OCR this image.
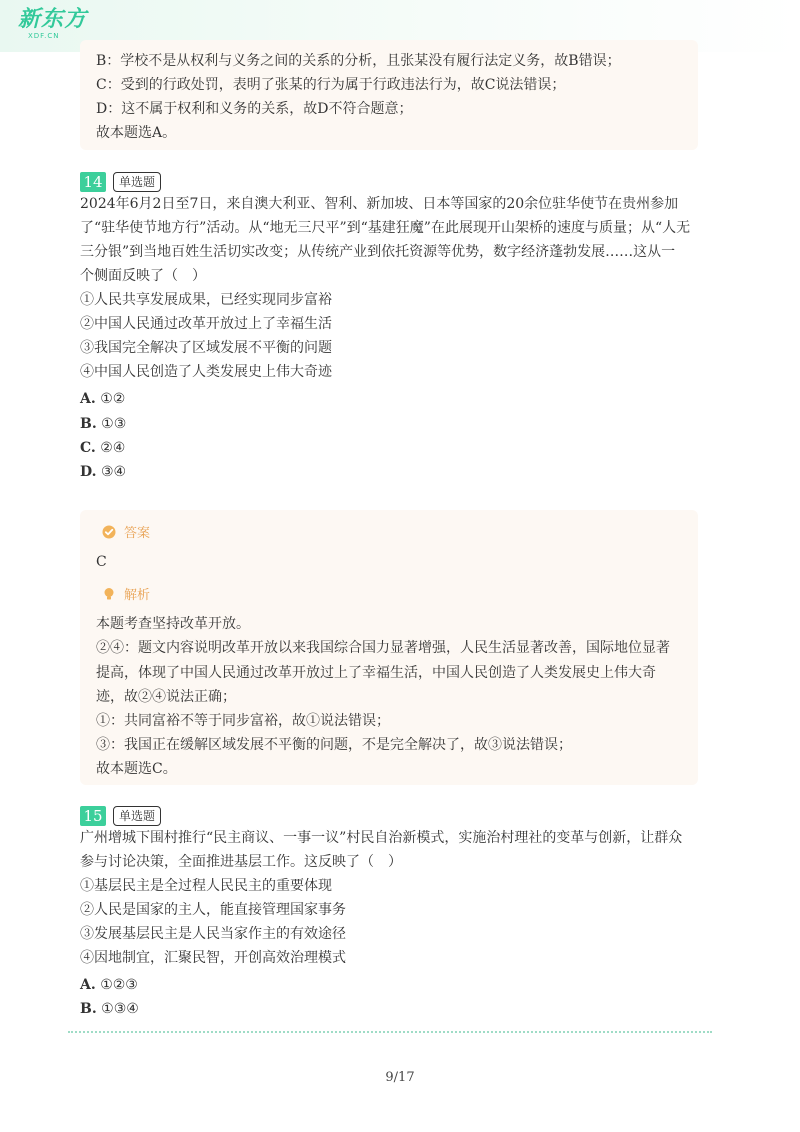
新东方
XDF.CN
B：学校不是从权利与义务之间的关系的分析，且张某没有履行法定义务，故B错误；
C：受到的行政处罚，表明了张某的行为属于行政违法行为，故C说法错误；
D：这不属于权利和义务的关系，故D不符合题意；
故本题选A。
14	单选题
2024年6月2日至7日，来自澳大利亚、智利、新加坡、日本等国家的20余位驻华使节在贵州参加
了“驻华使节地方行”活动。从“地无三尺平”到“基建狂魔”在此展现开山架桥的速度与质量；从“人无
三分银”到当地百姓生活切实改变；从传统产业到依托资源等优势，数字经济蓬勃发展……这从一
个侧面反映了（　）
①人民共享发展成果，已经实现同步富裕
②中国人民通过改革开放过上了幸福生活
③我国完全解决了区域发展不平衡的问题
④中国人民创造了人类发展史上伟大奇迹
A. ①②
B. ①③
C. ②④
D. ③④
答案
C
解析
本题考查坚持改革开放。
②④：题文内容说明改革开放以来我国综合国力显著增强，人民生活显著改善，国际地位显著
提高，体现了中国人民通过改革开放过上了幸福生活，中国人民创造了人类发展史上伟大奇
迹，故②④说法正确；
①：共同富裕不等于同步富裕，故①说法错误；
③：我国正在缓解区域发展不平衡的问题，不是完全解决了，故③说法错误；
故本题选C。
15	单选题
广州增城下围村推行“民主商议、一事一议”村民自治新模式，实施治村理社的变革与创新，让群众
参与讨论决策，全面推进基层工作。这反映了（　）
①基层民主是全过程人民民主的重要体现
②人民是国家的主人，能直接管理国家事务
③发展基层民主是人民当家作主的有效途径
④因地制宜，汇聚民智，开创高效治理模式
A. ①②③
B. ①③④
9/17
